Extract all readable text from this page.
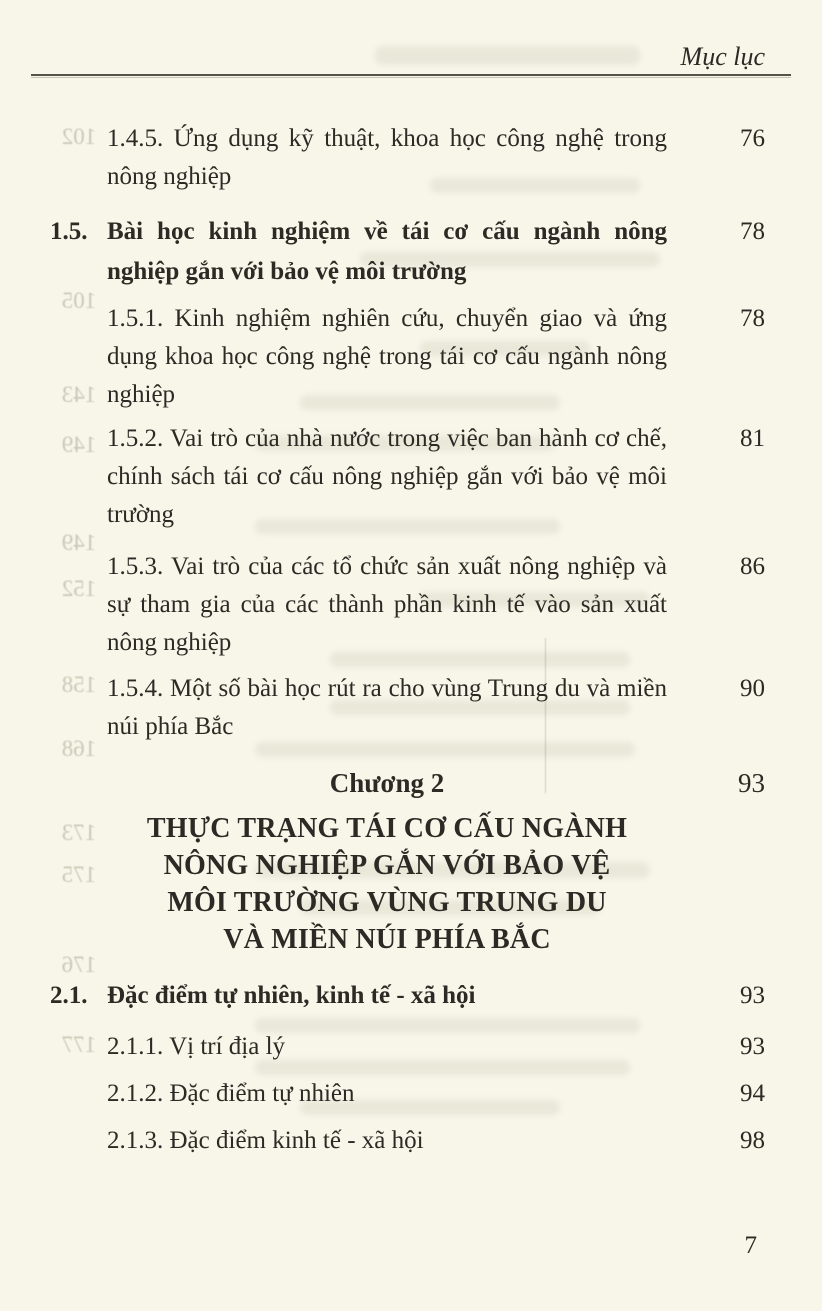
Mục lục
102
105
143
149
149
152
158
168
173
175
176
177
1.4.5. Ứng dụng kỹ thuật, khoa học công nghệ trong nông nghiệp
76
1.5. Bài học kinh nghiệm về tái cơ cấu ngành nông nghiệp gắn với bảo vệ môi trường
78
1.5.1. Kinh nghiệm nghiên cứu, chuyển giao và ứng dụng khoa học công nghệ trong tái cơ cấu ngành nông nghiệp
78
1.5.2. Vai trò của nhà nước trong việc ban hành cơ chế, chính sách tái cơ cấu nông nghiệp gắn với bảo vệ môi trường
81
1.5.3. Vai trò của các tổ chức sản xuất nông nghiệp và sự tham gia của các thành phần kinh tế vào sản xuất nông nghiệp
86
1.5.4. Một số bài học rút ra cho vùng Trung du và miền núi phía Bắc
90
Chương 2	93
THỰC TRẠNG TÁI CƠ CẤU NGÀNH
NÔNG NGHIỆP GẮN VỚI BẢO VỆ
MÔI TRƯỜNG VÙNG TRUNG DU
VÀ MIỀN NÚI PHÍA BẮC
2.1. Đặc điểm tự nhiên, kinh tế - xã hội	93
2.1.1. Vị trí địa lý	93
2.1.2. Đặc điểm tự nhiên	94
2.1.3. Đặc điểm kinh tế - xã hội	98
7
